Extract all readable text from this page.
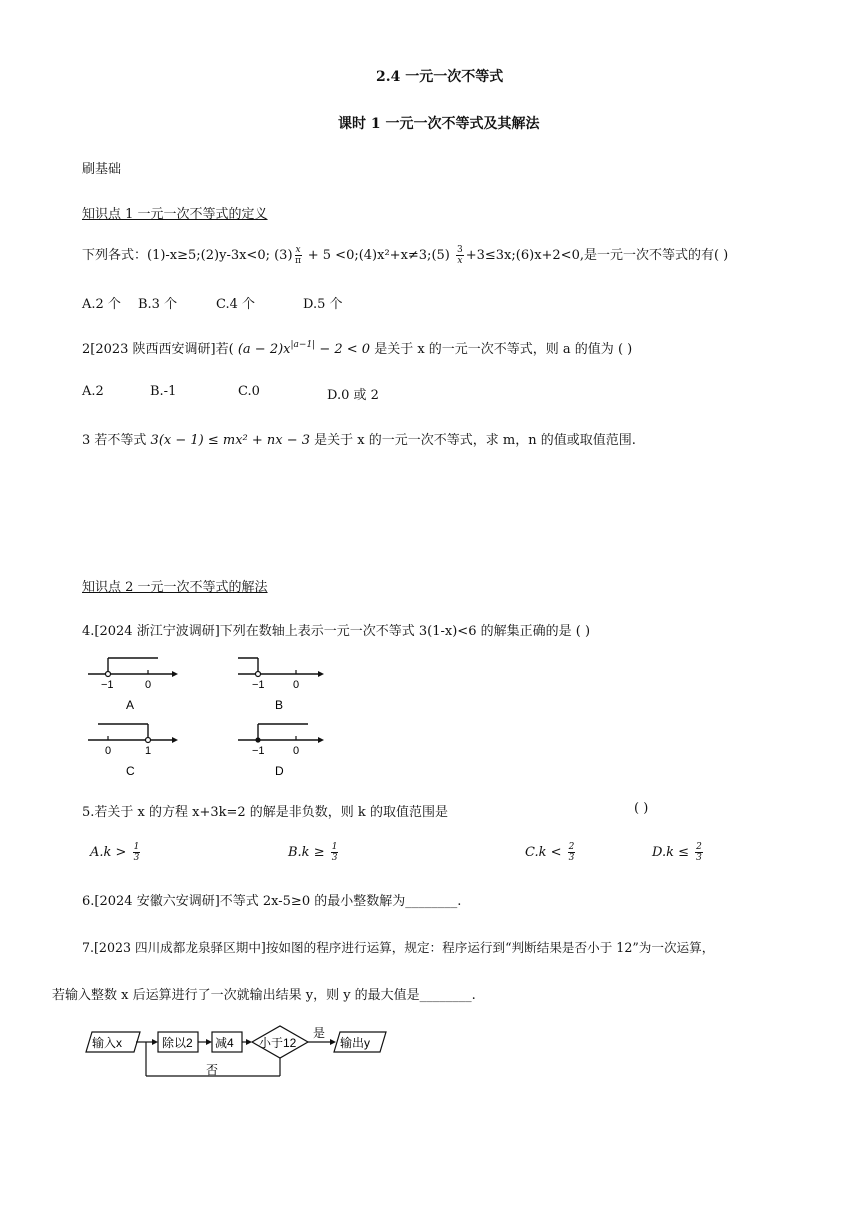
2.4 一元一次不等式
课时 1 一元一次不等式及其解法
刷基础
知识点 1 一元一次不等式的定义
下列各式：(1)-x≥5;(2)y-3x<0; $(3) \frac{x}{\pi} + 5$ <0;(4)x²+x≠3;(5) $\frac{3}{x}$ +3≤3x;(6)x+2<0,是一元一次不等式的有( )
A.2 个 B.3 个	C.4 个	D.5 个
2[2023 陕西西安调研]若( $(a - 2)x^{|a-1|} - 2 < 0$ 是关于 x 的一元一次不等式，则 a 的值为 ( )
A.2	B.-1	C.0	D.0 或 2
3 若不等式 3(x − 1) ≤ mx² + nx − 3 是关于 x 的一元一次不等式，求 m，n 的值或取值范围.
知识点 2 一元一次不等式的解法
4.[2024 浙江宁波调研]下列在数轴上表示一元一次不等式 3(1-x)<6 的解集正确的是 ( )
−1	0
A
−1	0
B
0	1
C
−1	0
D
5.若关于 x 的方程 x+3k=2 的解是非负数，则 k 的取值范围是	( )
$A.k > \frac{1}{3}$	$B.k \ge \frac{1}{3}$	$C.k < \frac{2}{3}$	$D.k \le \frac{2}{3}$
6.[2024 安徽六安调研]不等式 2x-5≥0 的最小整数解为________.
7.[2023 四川成都龙泉驿区期中]按如图的程序进行运算，规定：程序运行到“判断结果是否小于 12”为一次运算，
若输入整数 x 后运算进行了一次就输出结果 y，则 y 的最大值是________.
输入x	除以2 减4 小于12
是
输出y
否
